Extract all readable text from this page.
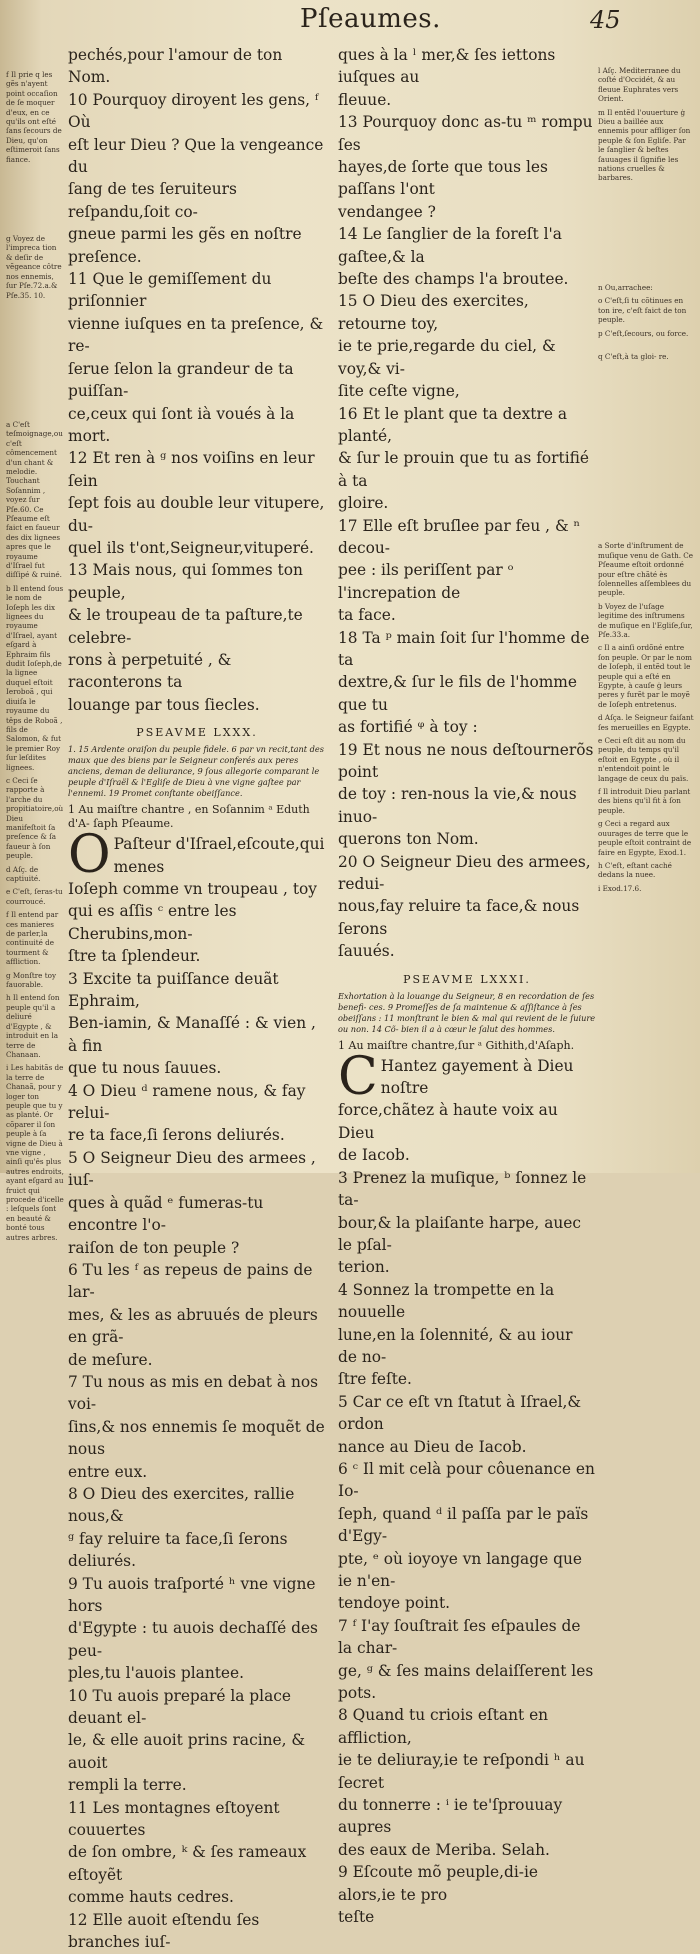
Pſeaumes.	45

f Il prie q les gẽs n'ayent point occaſion de ſe moquer d'eux, en ce qu'ils ont eſté ſans ſecours de Dieu, qu'on eſtimeroit ſans fiance.

g Voyez de l'impreca tion & deſir de vẽgeance côtre nos ennemis, ſur Pſe.72.a.& Pſe.35. 10.

a C'eſt teſmoignage,ou c'eſt cômencement d'un chant & melodie. Touchant Soſannim , voyez ſur Pſe.60. Ce Pſeaume eſt faict en faueur des dix lignees apres que le royaume d'Iſrael fut diſſipé & ruiné.

b Il entend ſous le nom de Ioſeph les dix lignees du royaume d'Iſrael, ayant eſgard à Ephraim fils dudit Ioſeph,de la lignee duquel eſtoit Ieroboã , qui diuiſa le royaume du têps de Roboã , fils de Salomon, & fut le premier Roy ſur leſdites lignees.

c Ceci ſe rapporte à l'arche du propitiatoire,où Dieu manifeſtoit ſa preſence & ſa faueur à ſon peuple.

d Aſç. de captiuité.

e C'eſt, ſeras-tu courroucé.

f Il entend par ces manieres de parler,la continuité de tourment & affliction.

g Monſtre toy fauorable.

h Il entend ſon peuple qu'il a deliuré d'Egypte , & introduit en la terre de Chanaan.

i Les habitãs de la terre de Chanaã, pour y loger ton peuple que tu y as planté. Or cõparer il ſon peuple à ſa vigne de Dieu à vne vigne , ainſi qu'ês plus autres endroits, ayant eſgard au fruict qui procede d'icelle : leſquels ſont en beauté & bonté tous autres arbres.

pechés,pour l'amour de ton Nom.

10 Pourquoy diroyent les gens, ᶠ Où

eſt leur Dieu ? Que la vengeance du

ſang de tes ſeruiteurs reſpandu,ſoit co-

gneue parmi les gẽs en noſtre preſence.

11 Que le gemiſſement du priſonnier

vienne iuſques en ta preſence, & re-

ſerue ſelon la grandeur de ta puiſſan-

ce,ceux qui ſont ià voués à la mort.

12 Et ren à ᵍ nos voiſins en leur ſein

ſept fois au double leur vitupere, du-

quel ils t'ont,Seigneur,vituperé.

13 Mais nous, qui ſommes ton peuple,

& le troupeau de ta paſture,te celebre-

rons à perpetuité , & raconterons ta

louange par tous ſiecles.

PSEAVME LXXX.

1. 15 Ardente oraiſon du peuple fidele. 6 par vn recit,tant des maux que des biens par le Seigneur conferés aux peres anciens, deman de deliurance, 9 ſous allegorie comparant le peuple d'Iſraël & l'Egliſe de Dieu à vne vigne gaſtee par l'ennemi. 19 Promet conſtante obeiſſance.

1 Au maiſtre chantre , en Soſannim ᵃ Eduth d'A- ſaph Pſeaume.

O Paſteur d'Iſrael,eſcoute,qui menes

Ioſeph comme vn troupeau , toy

qui es aſſis ᶜ entre les Cherubins,mon-

ſtre ta ſplendeur.

3 Excite ta puiſſance deuãt Ephraim,

Ben-iamin, & Manaſſé : & vien , à fin

que tu nous ſauues.

4 O Dieu ᵈ ramene nous, & fay relui-

re ta face,ſi ſerons deliurés.

5 O Seigneur Dieu des armees , iuſ-

ques à quãd ᵉ fumeras-tu encontre l'o-

raiſon de ton peuple ?

6 Tu les ᶠ as repeus de pains de lar-

mes, & les as abruués de pleurs en grã-

de meſure.

7 Tu nous as mis en debat à nos voi-

ſins,& nos ennemis ſe moquẽt de nous

entre eux.

8 O Dieu des exercites, rallie nous,&

ᵍ fay reluire ta face,ſi ſerons deliurés.

9 Tu auois traſporté ʰ vne vigne hors

d'Egypte : tu auois dechaſſé des peu-

ples,tu l'auois plantee.

10 Tu auois preparé la place deuant el-

le, & elle auoit prins racine, & auoit

rempli la terre.

11 Les montagnes eſtoyent couuertes

de ſon ombre, ᵏ & ſes rameaux eſtoyẽt

comme hauts cedres.

12 Elle auoit eſtendu ſes branches iuſ-

ques à la ˡ mer,& ſes iettons iuſques au

fleuue.

13 Pourquoy donc as-tu ᵐ rompu ſes

hayes,de ſorte que tous les paſſans l'ont

vendangee ?

14 Le ſanglier de la foreſt l'a gaſtee,& la

beſte des champs l'a broutee.

15 O Dieu des exercites, retourne toy,

ie te prie,regarde du ciel, & voy,& vi-

ſite ceſte vigne,

16 Et le plant que ta dextre a planté,

& ſur le prouin que tu as fortifié à ta

gloire.

17 Elle eſt bruſlee par feu , & ⁿ decou-

pee : ils periſſent par ᵒ l'increpation de

ta face.

18 Ta ᵖ main ſoit ſur l'homme de ta

dextre,& ſur le fils de l'homme que tu

as fortifié ᵠ à toy :

19 Et nous ne nous deſtournerõs point

de toy : ren-nous la vie,& nous inuo-

querons ton Nom.

20 O Seigneur Dieu des armees, redui-

nous,fay reluire ta face,& nous ſerons

ſauués.

PSEAVME LXXXI.

Exhortation à la louange du Seigneur, 8 en recordation de ſes benefi- ces. 9 Promeſſes de ſa maintenue & aſſiſtance à ſes obeiſſans : 11 monſtrant le bien & mal qui revient de le ſuiure ou non. 14 Cõ- bien il a à cœur le ſalut des hommes.

1 Au maiſtre chantre,ſur ᵃ Githith,d'Aſaph.

C Hantez gayement à Dieu noſtre

force,chãtez à haute voix au Dieu

de Iacob.

3 Prenez la muſique, ᵇ ſonnez le ta-

bour,& la plaiſante harpe, auec le pſal-

terion.

4 Sonnez la trompette en la nouuelle

lune,en la ſolennité, & au iour de no-

ſtre feſte.

5 Car ce eſt vn ſtatut à Iſrael,& ordon

nance au Dieu de Iacob.

6 ᶜ Il mit celà pour côuenance en Io-

ſeph, quand ᵈ il paſſa par le païs d'Egy-

pte, ᵉ où ioyoye vn langage que ie n'en-

tendoye point.

7 ᶠ I'ay ſouſtrait ſes eſpaules de la char-

ge, ᵍ & ſes mains delaiſſerent les pots.

8 Quand tu criois eſtant en affliction,

ie te deliuray,ie te reſpondi ʰ au ſecret

du tonnerre : ⁱ ie te'ſprouuay aupres

des eaux de Meriba. Selah.

9 Eſcoute mõ peuple,di-ie alors,ie te pro

teſte

l Aſç. Mediterranee du coſté d'Occidét, & au fleuue Euphrates vers Orient.

m Il entẽd l'ouuerture ġ Dieu a baillée aux ennemis pour affliger ſon peuple & ſon Egliſe. Par le ſanglier & beſtes ſauuages il ſignifie les nations cruelles & barbares.

n Ou,arrachee:

o C'eſt,ſi tu cõtinues en ton ire, c'eſt faict de ton peuple.

p C'eſt,ſecours, ou force.

q C'eſt,à ta gloi- re.

a Sorte d'inſtrument de muſique venu de Gath. Ce Pſeaume eſtoit ordonné pour eſtre chãté ès ſolennelles aſſemblees du peuple.

b Voyez de l'uſage legitime des inſtrumens de muſique en l'Egliſe,ſur, Pſe.33.a.

c Il a ainſi ordõné entre ſon peuple. Or par le nom de Ioſeph, il entẽd tout le peuple qui a eſté en Egypte, à cauſe ġ leurs peres y furẽt par le moyẽ de Ioſeph entretenus.

d Aſça. le Seigneur faiſant ſes merueilles en Egypte.

e Ceci eſt dit au nom du peuple, du temps qu'il eſtoit en Egypte , où il n'entendoit point le langage de ceux du païs.

f Il introduit Dieu parlant des biens qu'il fit à ſon peuple.

g Ceci a regard aux ouurages de terre que le peuple eſtoit contraint de faire en Egypte, Exod.1.

h C'eſt, eſtant caché dedans la nuee.

i Exod.17.6.
